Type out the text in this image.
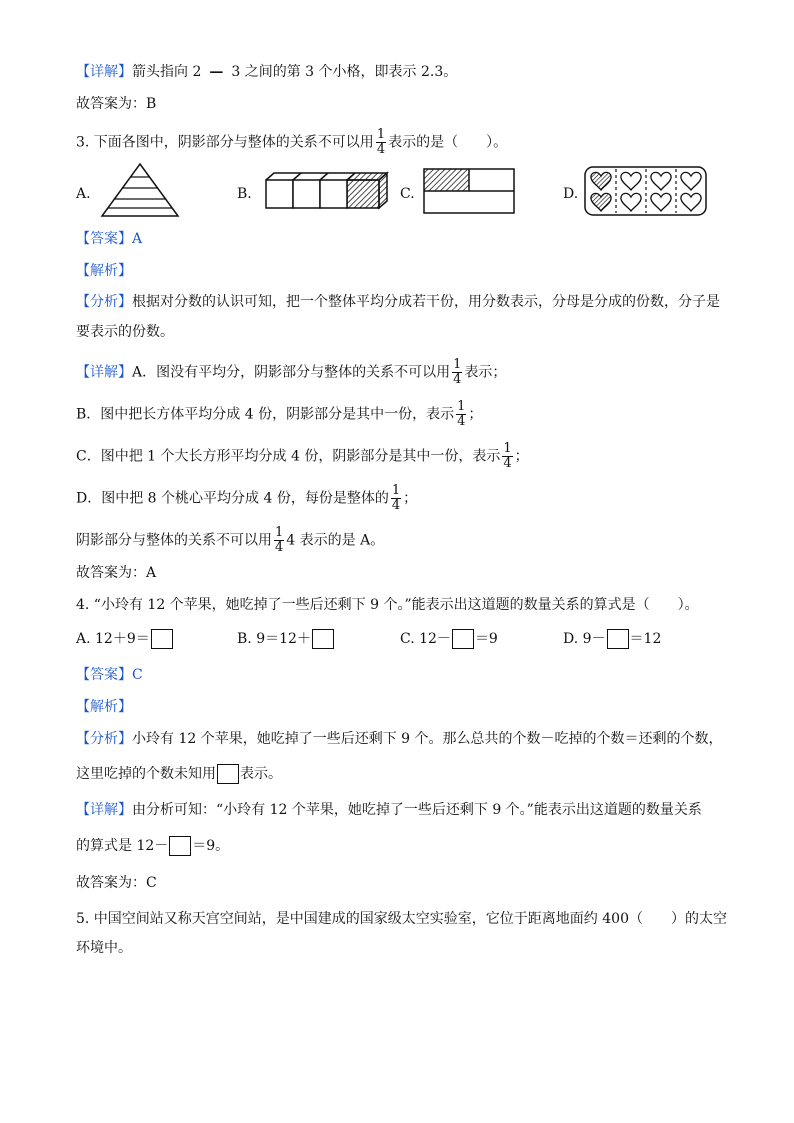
【详解】箭头指向 2 — 3 之间的第 3 个小格，即表示 2.3。
故答案为：B
3. 下面各图中，阴影部分与整体的关系不可以用 $\frac{1}{4}$ 表示的是（　　）。
A.	B.	C.	D.
【答案】A
【解析】
【分析】根据对分数的认识可知，把一个整体平均分成若干份，用分数表示，分母是分成的份数，分子是
要表示的份数。
【详解】A．图没有平均分，阴影部分与整体的关系不可以用 $\frac{1}{4}$ 表示；
B．图中把长方体平均分成 4 份，阴影部分是其中一份，表示 $\frac{1}{4}$ ；
C．图中把 1 个大长方形平均分成 4 份，阴影部分是其中一份，表示 $\frac{1}{4}$ ；
D．图中把 8 个桃心平均分成 4 份，每份是整体的 $\frac{1}{4}$ ；
阴影部分与整体的关系不可以用 $\frac{1}{4} 4$ 表示的是 A。
故答案为：A
4. “小玲有 12 个苹果，她吃掉了一些后还剩下 9 个。”能表示出这道题的数量关系的算式是（　　）。
A. 12＋9＝	B. 9＝12＋	C. 12－ ＝9	D. 9－ ＝12
【答案】C
【解析】
【分析】小玲有 12 个苹果，她吃掉了一些后还剩下 9 个。那么总共的个数－吃掉的个数＝还剩的个数，
这里吃掉的个数未知用 表示。
【详解】由分析可知：“小玲有 12 个苹果，她吃掉了一些后还剩下 9 个。”能表示出这道题的数量关系
的算式是 12－ ＝9。
故答案为：C
5. 中国空间站又称天宫空间站，是中国建成的国家级太空实验室，它位于距离地面约 400（　　）的太空
环境中。
